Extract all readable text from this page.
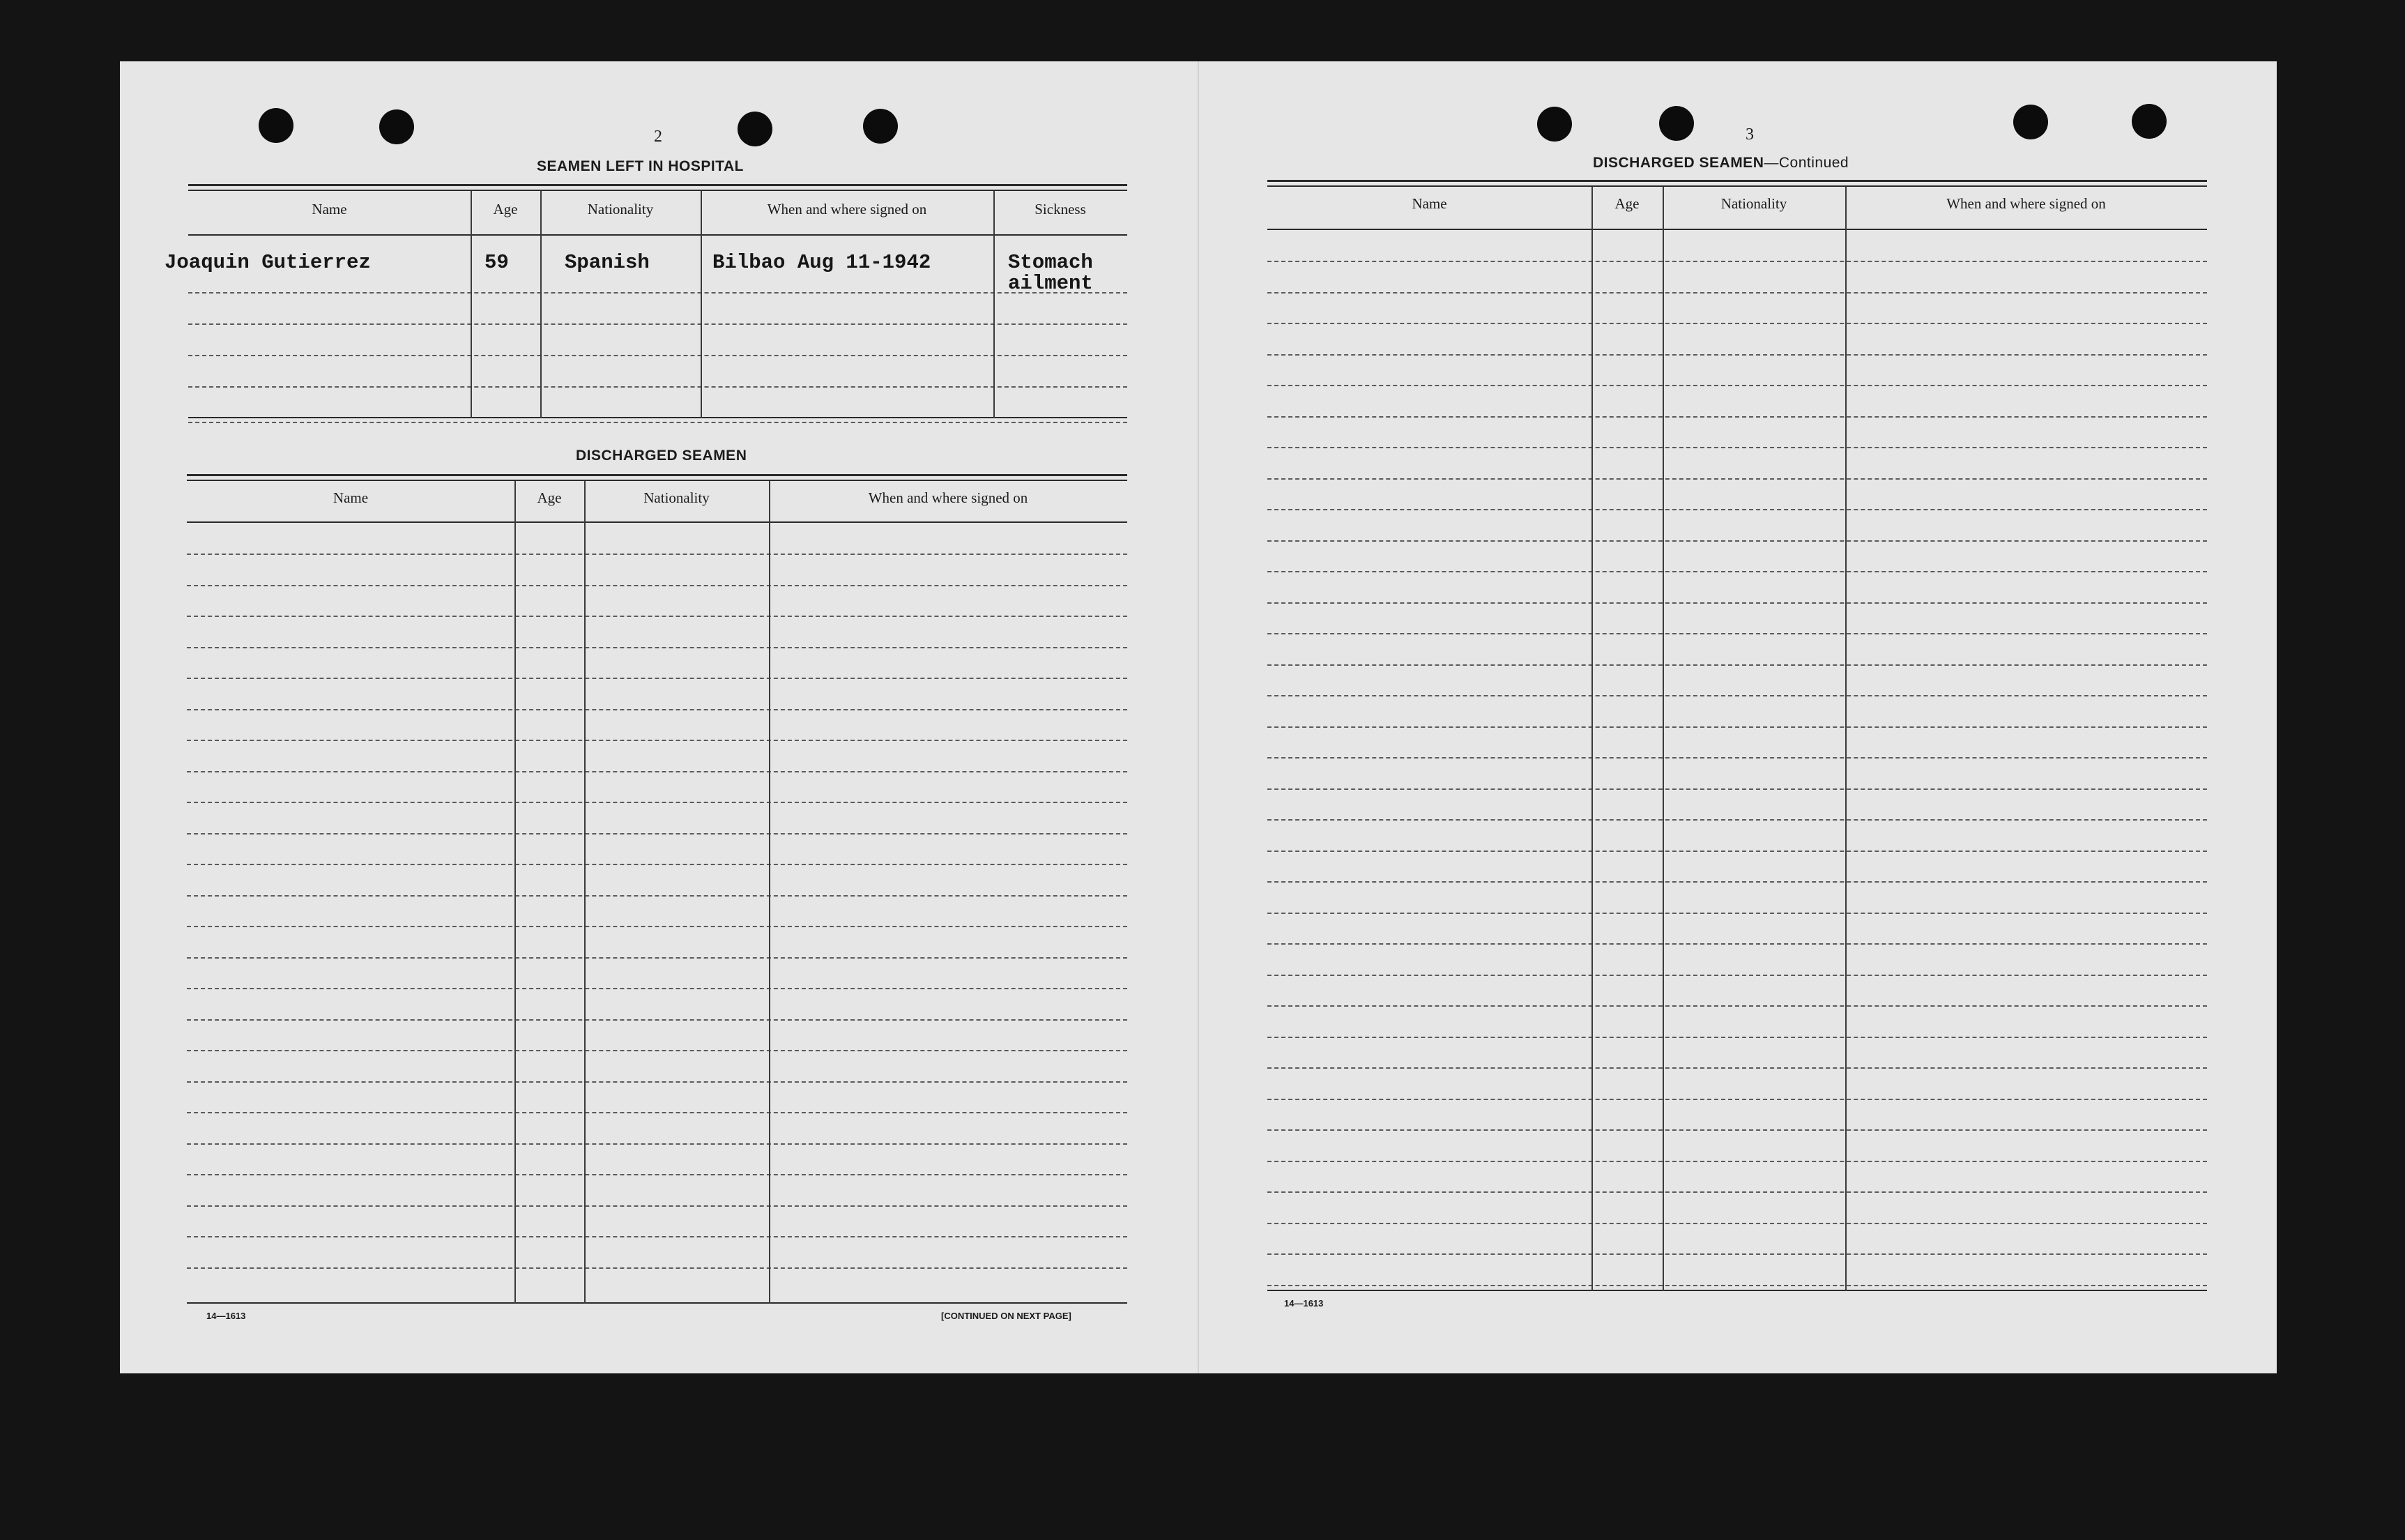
2
SEAMEN LEFT IN HOSPITAL
Name	Age	Nationality	When and where signed on	Sickness
Joaquin Gutierrez	59	Spanish	Bilbao Aug 11-1942	Stomach
ailment
DISCHARGED SEAMEN
Name	Age	Nationality	When and where signed on
14—1613	[CONTINUED ON NEXT PAGE]
3
DISCHARGED SEAMEN—Continued
Name	Age	Nationality	When and where signed on
14—1613
